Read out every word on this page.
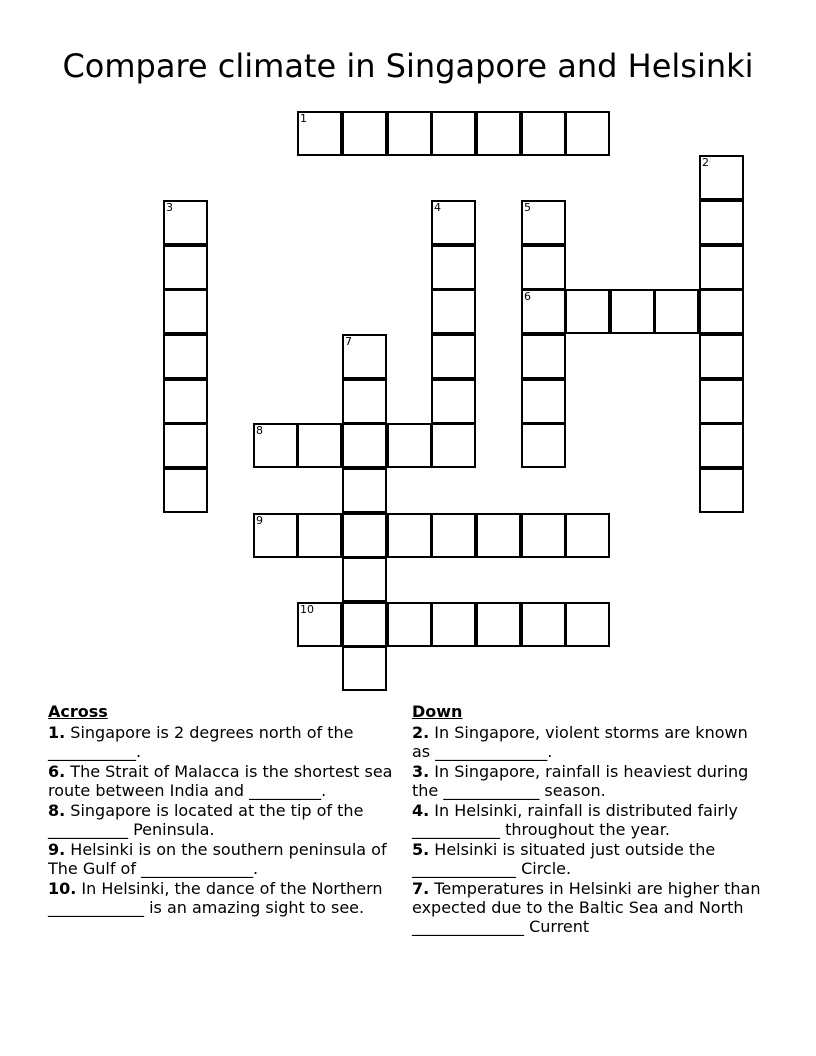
Compare climate in Singapore and Helsinki
1
2
3	4	5
6
7
8
9
10
Across
1. Singapore is 2 degrees north of the ___________.
6. The Strait of Malacca is the shortest sea route between India and _________.
8. Singapore is located at the tip of the __________ Peninsula.
9. Helsinki is on the southern peninsula of The Gulf of ______________.
10. In Helsinki, the dance of the Northern ____________ is an amazing sight to see.
Down
2. In Singapore, violent storms are known as ______________.
3. In Singapore, rainfall is heaviest during the ____________ season.
4. In Helsinki, rainfall is distributed fairly ___________ throughout the year.
5. Helsinki is situated just outside the _____________ Circle.
7. Temperatures in Helsinki are higher than expected due to the Baltic Sea and North ______________ Current
